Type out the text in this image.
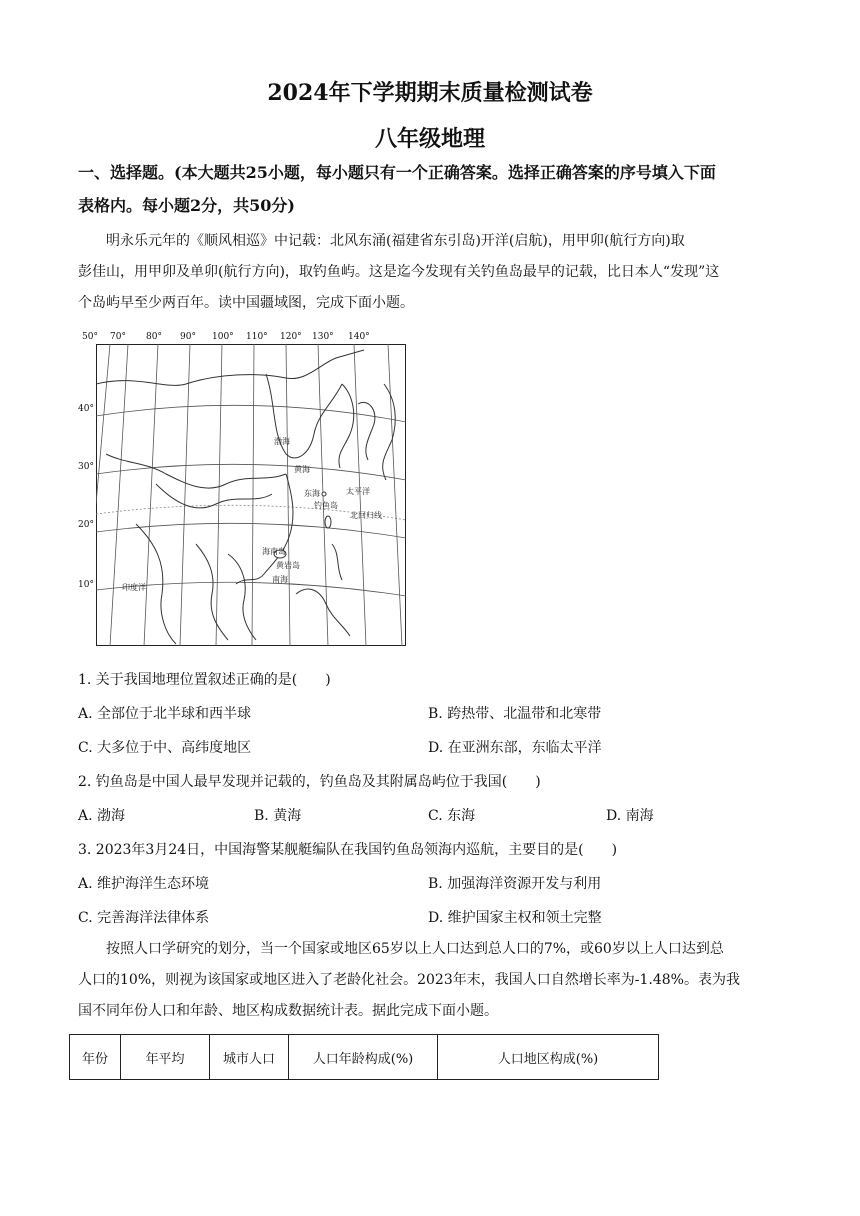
2024年下学期期末质量检测试卷
八年级地理
一、选择题。(本大题共25小题，每小题只有一个正确答案。选择正确答案的序号填入下面
表格内。每小题2分，共50分)
明永乐元年的《顺风相巡》中记载：北风东涌(福建省东引岛)开洋(启航)，用甲卯(航行方向)取
彭佳山，用甲卯及单卯(航行方向)，取钓鱼屿。这是迄今发现有关钓鱼岛最早的记载，比日本人“发现”这
个岛屿早至少两百年。读中国疆域图，完成下面小题。
50° 70° 80° 90° 100° 110° 120° 130° 140°
40°
30°
20°
10°
渤海
黄海
东海
钓鱼岛
太平洋
北回归线
海南岛
黄岩岛
南海
印度洋
1. 关于我国地理位置叙述正确的是(　　)
A. 全部位于北半球和西半球	B. 跨热带、北温带和北寒带
C. 大多位于中、高纬度地区	D. 在亚洲东部，东临太平洋
2. 钓鱼岛是中国人最早发现并记载的，钓鱼岛及其附属岛屿位于我国(　　)
A. 渤海	B. 黄海	C. 东海	D. 南海
3. 2023年3月24日，中国海警某舰艇编队在我国钓鱼岛领海内巡航，主要目的是(　　)
A. 维护海洋生态环境	B. 加强海洋资源开发与利用
C. 完善海洋法律体系	D. 维护国家主权和领土完整
按照人口学研究的划分，当一个国家或地区65岁以上人口达到总人口的7%，或60岁以上人口达到总
人口的10%，则视为该国家或地区进入了老龄化社会。2023年末，我国人口自然增长率为-1.48%。表为我
国不同年份人口和年龄、地区构成数据统计表。据此完成下面小题。
年份	年平均	城市人口	人口年龄构成(%)	人口地区构成(%)
